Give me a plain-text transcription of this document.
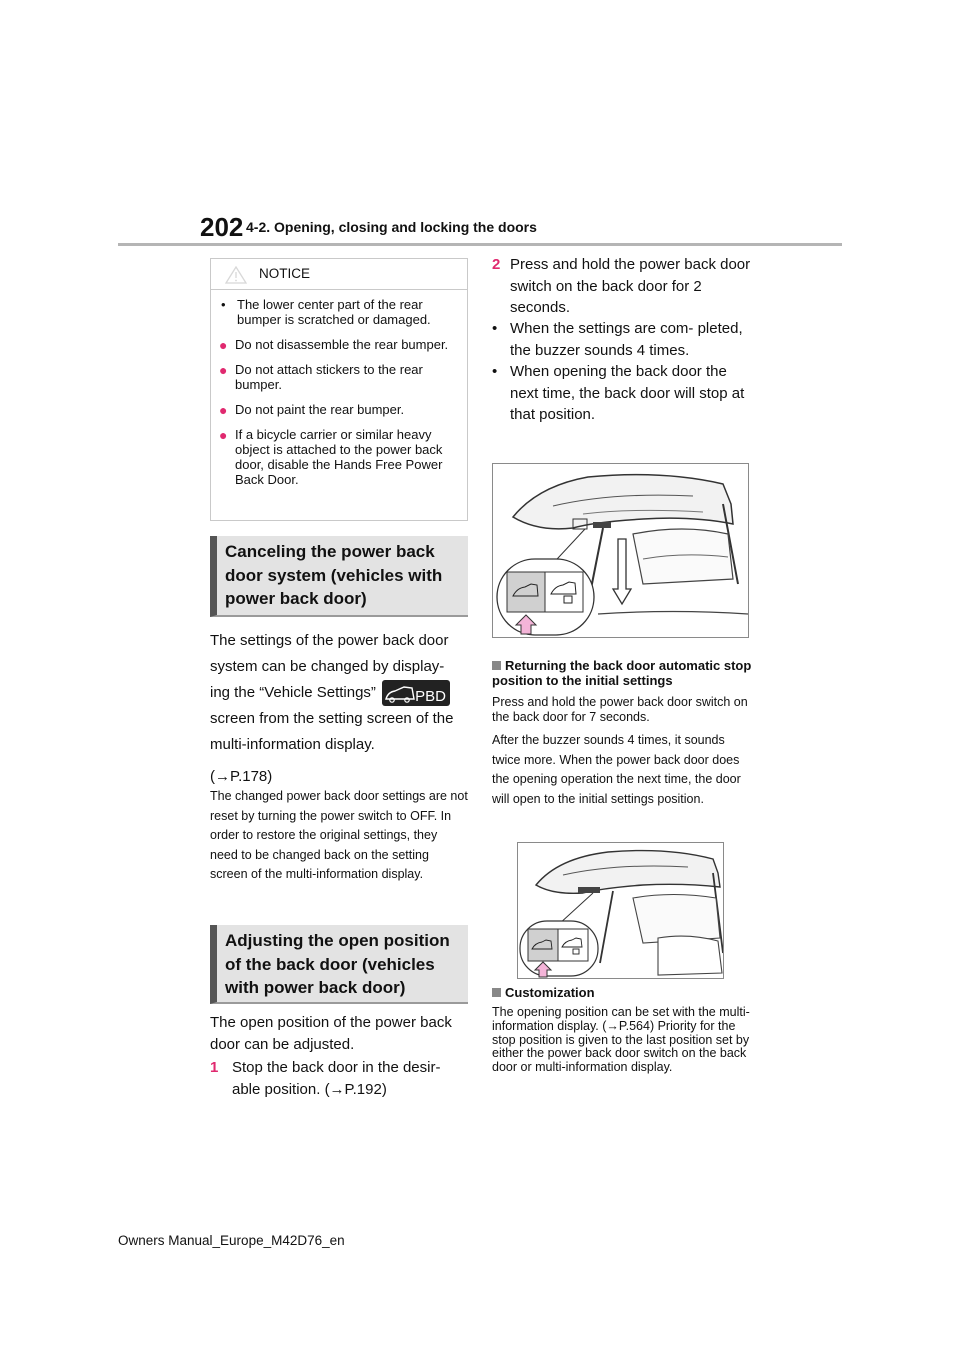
202 4-2. Opening, closing and locking the doors
NOTICE
• The lower center part of the rear bumper is scratched or damaged.
● Do not disassemble the rear bumper.
● Do not attach stickers to the rear bumper.
● Do not paint the rear bumper.
● If a bicycle carrier or similar heavy object is attached to the power back door, disable the Hands Free Power Back Door.
Canceling the power back door system (vehicles with power back door)
The settings of the power back door system can be changed by display- ing the “Vehicle Settings”	PBD

screen from the setting screen of the multi-information display.
(→P.178)
The changed power back door settings are not reset by turning the power switch to OFF. In order to restore the original settings, they need to be changed back on the setting screen of the multi-information display.
Adjusting the open position of the back door (vehicles with power back door)
The open position of the power back door can be adjusted.
1 Stop the back door in the desir- able position. (→P.192)
2 Press and hold the power back door switch on the back door for 2 seconds.
• When the settings are com- pleted, the buzzer sounds 4 times.
• When opening the back door the next time, the back door will stop at that position.
Returning the back door automatic stop position to the initial settings
Press and hold the power back door switch on the back door for 7 seconds.
After the buzzer sounds 4 times, it sounds twice more. When the power back door does the opening operation the next time, the door will open to the initial settings position.
Customization
The opening position can be set with the multi-information display. (→P.564) Priority for the stop position is given to the last position set by either the power back door switch on the back door or multi-information display.
Owners Manual_Europe_M42D76_en
